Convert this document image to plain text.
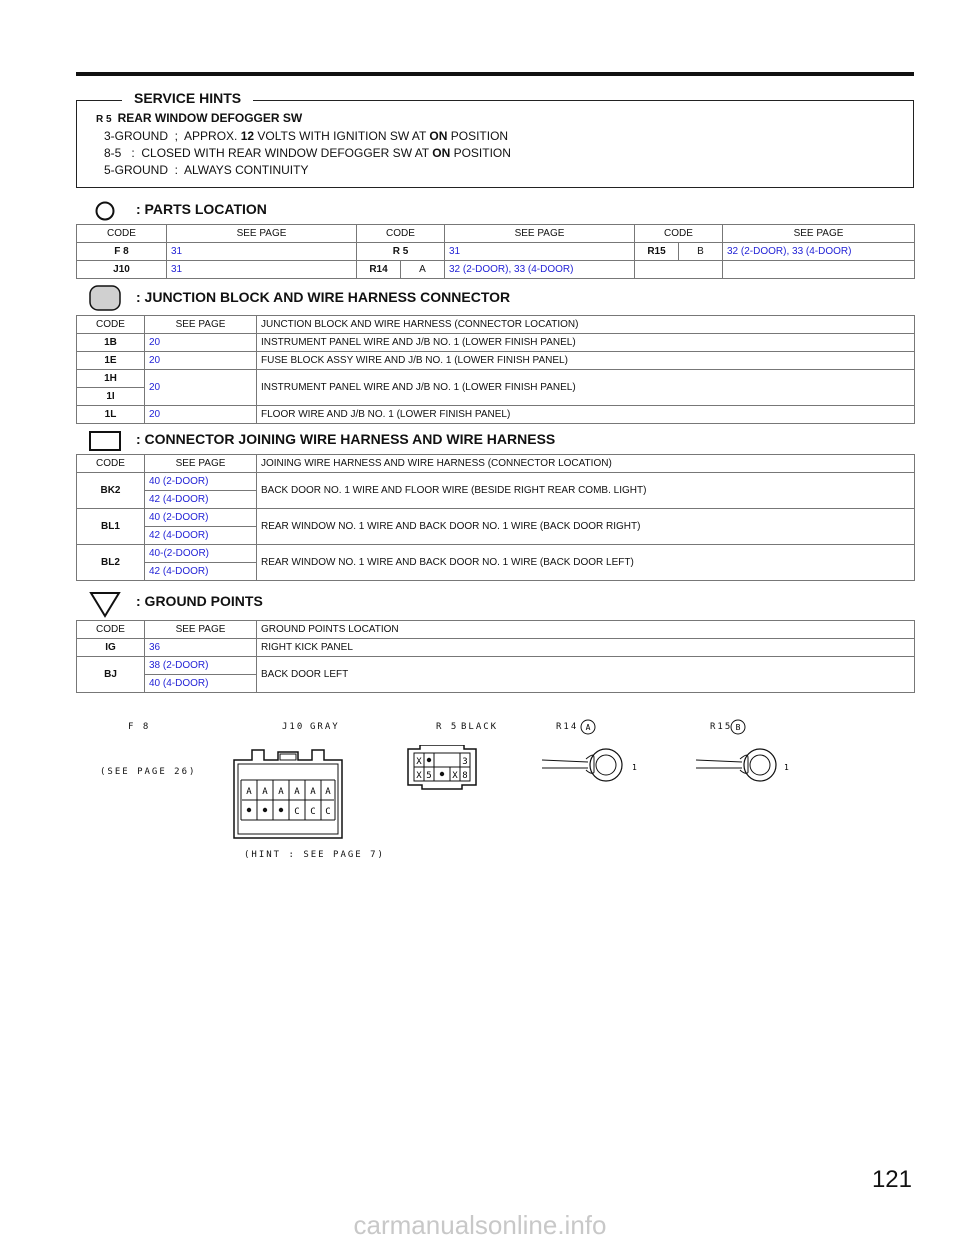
SERVICE HINTS
R 5 REAR WINDOW DEFOGGER SW
3-GROUND  ;  APPROX. 12 VOLTS WITH IGNITION SW AT ON POSITION
8-5   :  CLOSED WITH REAR WINDOW DEFOGGER SW AT ON POSITION
5-GROUND  :  ALWAYS CONTINUITY
: PARTS LOCATION
CODE	SEE PAGE	CODE	SEE PAGE	CODE	SEE PAGE
F 8	31	R 5	31	R15 B	32 (2-DOOR), 33 (4-DOOR)
J10	31	R14 A	32 (2-DOOR), 33 (4-DOOR)		
: JUNCTION BLOCK AND WIRE HARNESS CONNECTOR
CODE	SEE PAGE	JUNCTION BLOCK AND WIRE HARNESS (CONNECTOR LOCATION)
1B	20	INSTRUMENT PANEL WIRE AND J/B NO. 1 (LOWER FINISH PANEL)
1E	20	FUSE BLOCK ASSY WIRE AND J/B NO. 1 (LOWER FINISH PANEL)
1H	20	INSTRUMENT PANEL WIRE AND J/B NO. 1 (LOWER FINISH PANEL)
1I		
1L	20	FLOOR WIRE AND J/B NO. 1 (LOWER FINISH PANEL)
: CONNECTOR JOINING WIRE HARNESS AND WIRE HARNESS
CODE	SEE PAGE	JOINING WIRE HARNESS AND WIRE HARNESS (CONNECTOR LOCATION)
BK2	40 (2-DOOR)	BACK DOOR NO. 1 WIRE AND FLOOR WIRE (BESIDE RIGHT REAR COMB. LIGHT)
	42 (4-DOOR)	
BL1	40 (2-DOOR)	REAR WINDOW NO. 1 WIRE AND BACK DOOR NO. 1 WIRE (BACK DOOR RIGHT)
	42 (4-DOOR)	
BL2	40-(2-DOOR)	REAR WINDOW NO. 1 WIRE AND BACK DOOR NO. 1 WIRE (BACK DOOR LEFT)
	42 (4-DOOR)	
: GROUND POINTS
CODE	SEE PAGE	GROUND POINTS LOCATION
IG	36	RIGHT KICK PANEL
BJ	38 (2-DOOR)	BACK DOOR LEFT
	40 (4-DOOR)	
F 8
(SEE PAGE 26)
J10 GRAY
(HINT : SEE PAGE 7)
R 5 BLACK	R14	R15
A A A A A A
C C C
X	3
X 5 X 8
A
1
B
1
121
carmanualsonline.info
